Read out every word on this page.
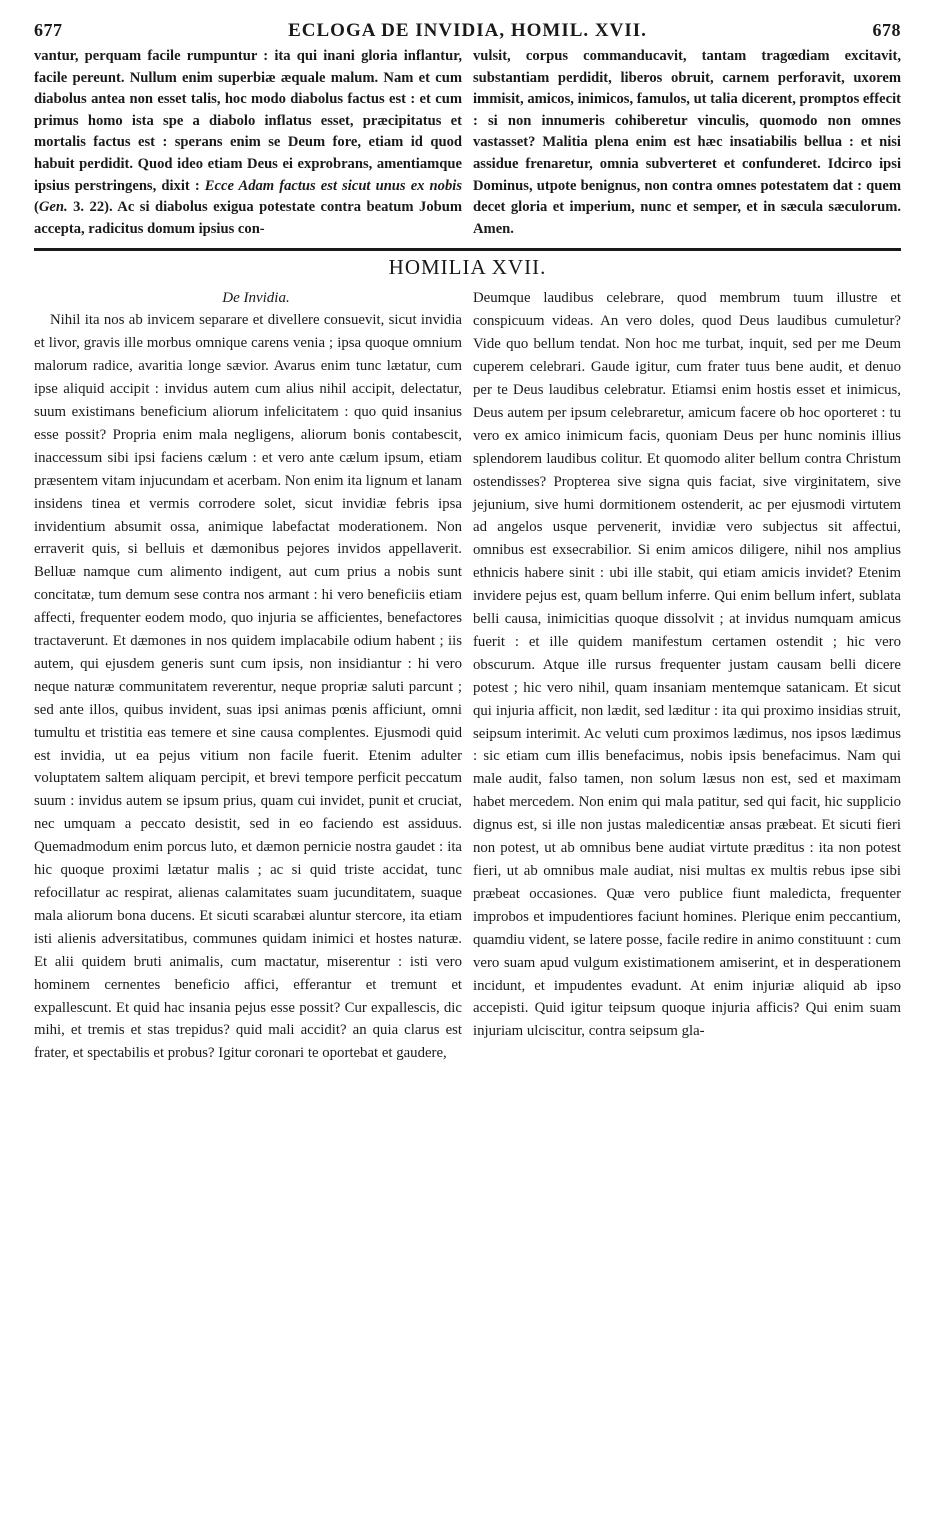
677	ECLOGA DE INVIDIA, HOMIL. XVII.	678

vantur, perquam facile rumpuntur : ita qui inani gloria inflantur, facile pereunt. Nullum enim superbiæ æquale malum. Nam et cum diabolus antea non esset talis, hoc modo diabolus factus est : et cum primus homo ista spe a diabolo inflatus esset, præcipitatus et mortalis factus est : sperans enim se Deum fore, etiam id quod habuit perdidit. Quod ideo etiam Deus ei exprobrans, amentiamque ipsius perstringens, dixit : Ecce Adam factus est sicut unus ex nobis (Gen. 3. 22). Ac si diabolus exigua potestate contra beatum Jobum accepta, radicitus domum ipsius con-

vulsit, corpus commanducavit, tantam tragœdiam excitavit, substantiam perdidit, liberos obruit, carnem perforavit, uxorem immisit, amicos, inimicos, famulos, ut talia dicerent, promptos effecit : si non innumeris cohiberetur vinculis, quomodo non omnes vastasset? Malitia plena enim est hæc insatiabilis bellua : et nisi assidue frenaretur, omnia subverteret et confunderet. Idcirco ipsi Dominus, utpote benignus, non contra omnes potestatem dat : quem decet gloria et imperium, nunc et semper, et in sæcula sæculorum. Amen.

HOMILIA XVII.

De Invidia.

Nihil ita nos ab invicem separare et divellere consuevit, sicut invidia et livor, gravis ille morbus omnique carens venia ; ipsa quoque omnium malorum radice, avaritia longe sævior. Avarus enim tunc lætatur, cum ipse aliquid accipit : invidus autem cum alius nihil accipit, delectatur, suum existimans beneficium aliorum infelicitatem : quo quid insanius esse possit? Propria enim mala negligens, aliorum bonis contabescit, inaccessum sibi ipsi faciens cælum : et vero ante cælum ipsum, etiam præsentem vitam injucundam et acerbam. Non enim ita lignum et lanam insidens tinea et vermis corrodere solet, sicut invidiæ febris ipsa invidentium absumit ossa, animique labefactat moderationem. Non erraverit quis, si belluis et dæmonibus pejores invidos appellaverit. Belluæ namque cum alimento indigent, aut cum prius a nobis sunt concitatæ, tum demum sese contra nos armant : hi vero beneficiis etiam affecti, frequenter eodem modo, quo injuria se afficientes, benefactores tractaverunt. Et dæmones in nos quidem implacabile odium habent ; iis autem, qui ejusdem generis sunt cum ipsis, non insidiantur : hi vero neque naturæ communitatem reverentur, neque propriæ saluti parcunt ; sed ante illos, quibus invident, suas ipsi animas pœnis afficiunt, omni tumultu et tristitia eas temere et sine causa complentes. Ejusmodi quid est invidia, ut ea pejus vitium non facile fuerit. Etenim adulter voluptatem saltem aliquam percipit, et brevi tempore perficit peccatum suum : invidus autem se ipsum prius, quam cui invidet, punit et cruciat, nec umquam a peccato desistit, sed in eo faciendo est assiduus. Quemadmodum enim porcus luto, et dæmon pernicie nostra gaudet : ita hic quoque proximi lætatur malis ; ac si quid triste accidat, tunc refocillatur ac respirat, alienas calamitates suam jucunditatem, suaque mala aliorum bona ducens. Et sicuti scarabæi aluntur stercore, ita etiam isti alienis adversitatibus, communes quidam inimici et hostes naturæ. Et alii quidem bruti animalis, cum mactatur, miserentur : isti vero hominem cernentes beneficio affici, efferantur et tremunt et expallescunt. Et quid hac insania pejus esse possit? Cur expallescis, dic mihi, et tremis et stas trepidus? quid mali accidit? an quia clarus est frater, et spectabilis et probus? Igitur coronari te oportebat et gaudere,

Deumque laudibus celebrare, quod membrum tuum illustre et conspicuum videas. An vero doles, quod Deus laudibus cumuletur? Vide quo bellum tendat. Non hoc me turbat, inquit, sed per me Deum cuperem celebrari. Gaude igitur, cum frater tuus bene audit, et denuo per te Deus laudibus celebratur. Etiamsi enim hostis esset et inimicus, Deus autem per ipsum celebraretur, amicum facere ob hoc oporteret : tu vero ex amico inimicum facis, quoniam Deus per hunc nominis illius splendorem laudibus colitur. Et quomodo aliter bellum contra Christum ostendisses? Propterea sive signa quis faciat, sive virginitatem, sive jejunium, sive humi dormitionem ostenderit, ac per ejusmodi virtutem ad angelos usque pervenerit, invidiæ vero subjectus sit affectui, omnibus est exsecrabilior. Si enim amicos diligere, nihil nos amplius ethnicis habere sinit : ubi ille stabit, qui etiam amicis invidet? Etenim invidere pejus est, quam bellum inferre. Qui enim bellum infert, sublata belli causa, inimicitias quoque dissolvit ; at invidus numquam amicus fuerit : et ille quidem manifestum certamen ostendit ; hic vero obscurum. Atque ille rursus frequenter justam causam belli dicere potest ; hic vero nihil, quam insaniam mentemque satanicam. Et sicut qui injuria afficit, non lædit, sed læditur : ita qui proximo insidias struit, seipsum interimit. Ac veluti cum proximos lædimus, nos ipsos lædimus : sic etiam cum illis benefacimus, nobis ipsis benefacimus. Nam qui male audit, falso tamen, non solum læsus non est, sed et maximam habet mercedem. Non enim qui mala patitur, sed qui facit, hic supplicio dignus est, si ille non justas maledicentiæ ansas præbeat. Et sicuti fieri non potest, ut ab omnibus bene audiat virtute præditus : ita non potest fieri, ut ab omnibus male audiat, nisi multas ex multis rebus ipse sibi præbeat occasiones. Quæ vero publice fiunt maledicta, frequenter improbos et impudentiores faciunt homines. Plerique enim peccantium, quamdiu vident, se latere posse, facile redire in animo constituunt : cum vero suam apud vulgum existimationem amiserint, et in desperationem incidunt, et impudentes evadunt. At enim injuriæ aliquid ab ipso accepisti. Quid igitur teipsum quoque injuria afficis? Qui enim suam injuriam ulciscitur, contra seipsum gla-
